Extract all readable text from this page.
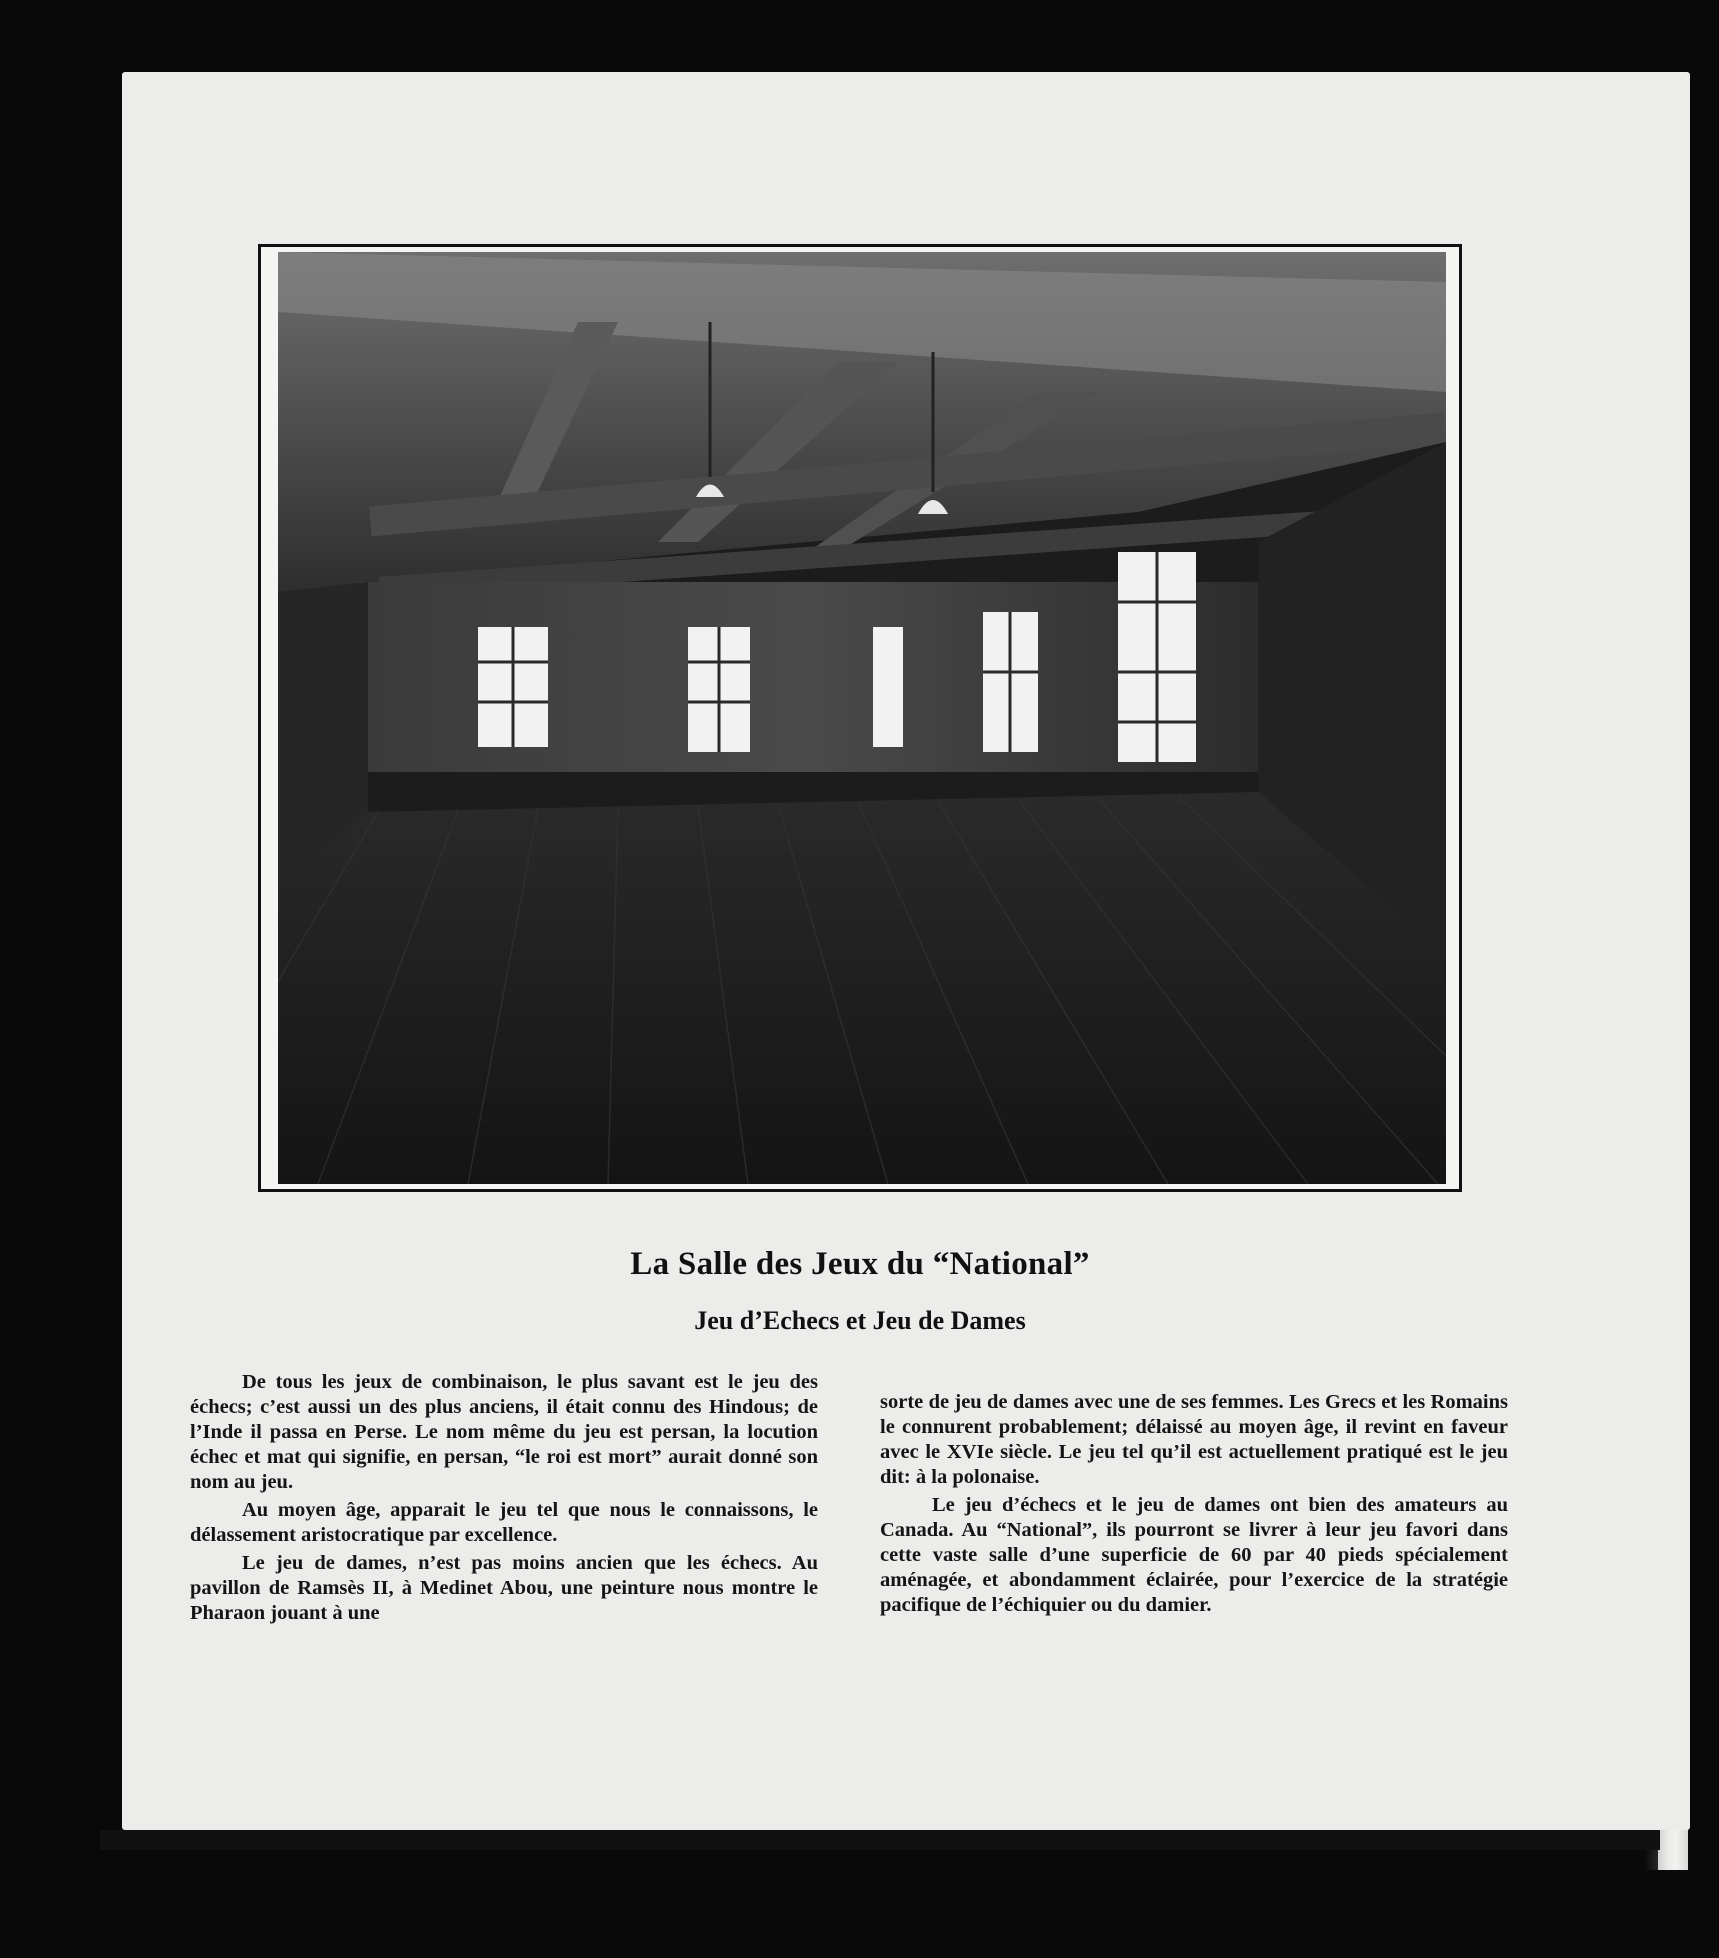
La Salle des Jeux du “National”
Jeu d’Echecs et Jeu de Dames

De tous les jeux de combinaison, le plus savant est le jeu des échecs; c’est aussi un des plus anciens, il était connu des Hindous; de l’Inde il passa en Perse. Le nom même du jeu est persan, la locution échec et mat qui signifie, en persan, “le roi est mort” aurait donné son nom au jeu.

Au moyen âge, apparait le jeu tel que nous le connaissons, le délassement aristocratique par excellence.

Le jeu de dames, n’est pas moins ancien que les échecs. Au pavillon de Ramsès II, à Medinet Abou, une peinture nous montre le Pharaon jouant à une

sorte de jeu de dames avec une de ses femmes. Les Grecs et les Romains le connurent probablement; délaissé au moyen âge, il revint en faveur avec le XVIe siècle. Le jeu tel qu’il est actuellement pratiqué est le jeu dit: à la polonaise.

Le jeu d’échecs et le jeu de dames ont bien des amateurs au Canada. Au “National”, ils pourront se livrer à leur jeu favori dans cette vaste salle d’une superficie de 60 par 40 pieds spécialement aménagée, et abondamment éclairée, pour l’exercice de la stratégie pacifique de l’échiquier ou du damier.
